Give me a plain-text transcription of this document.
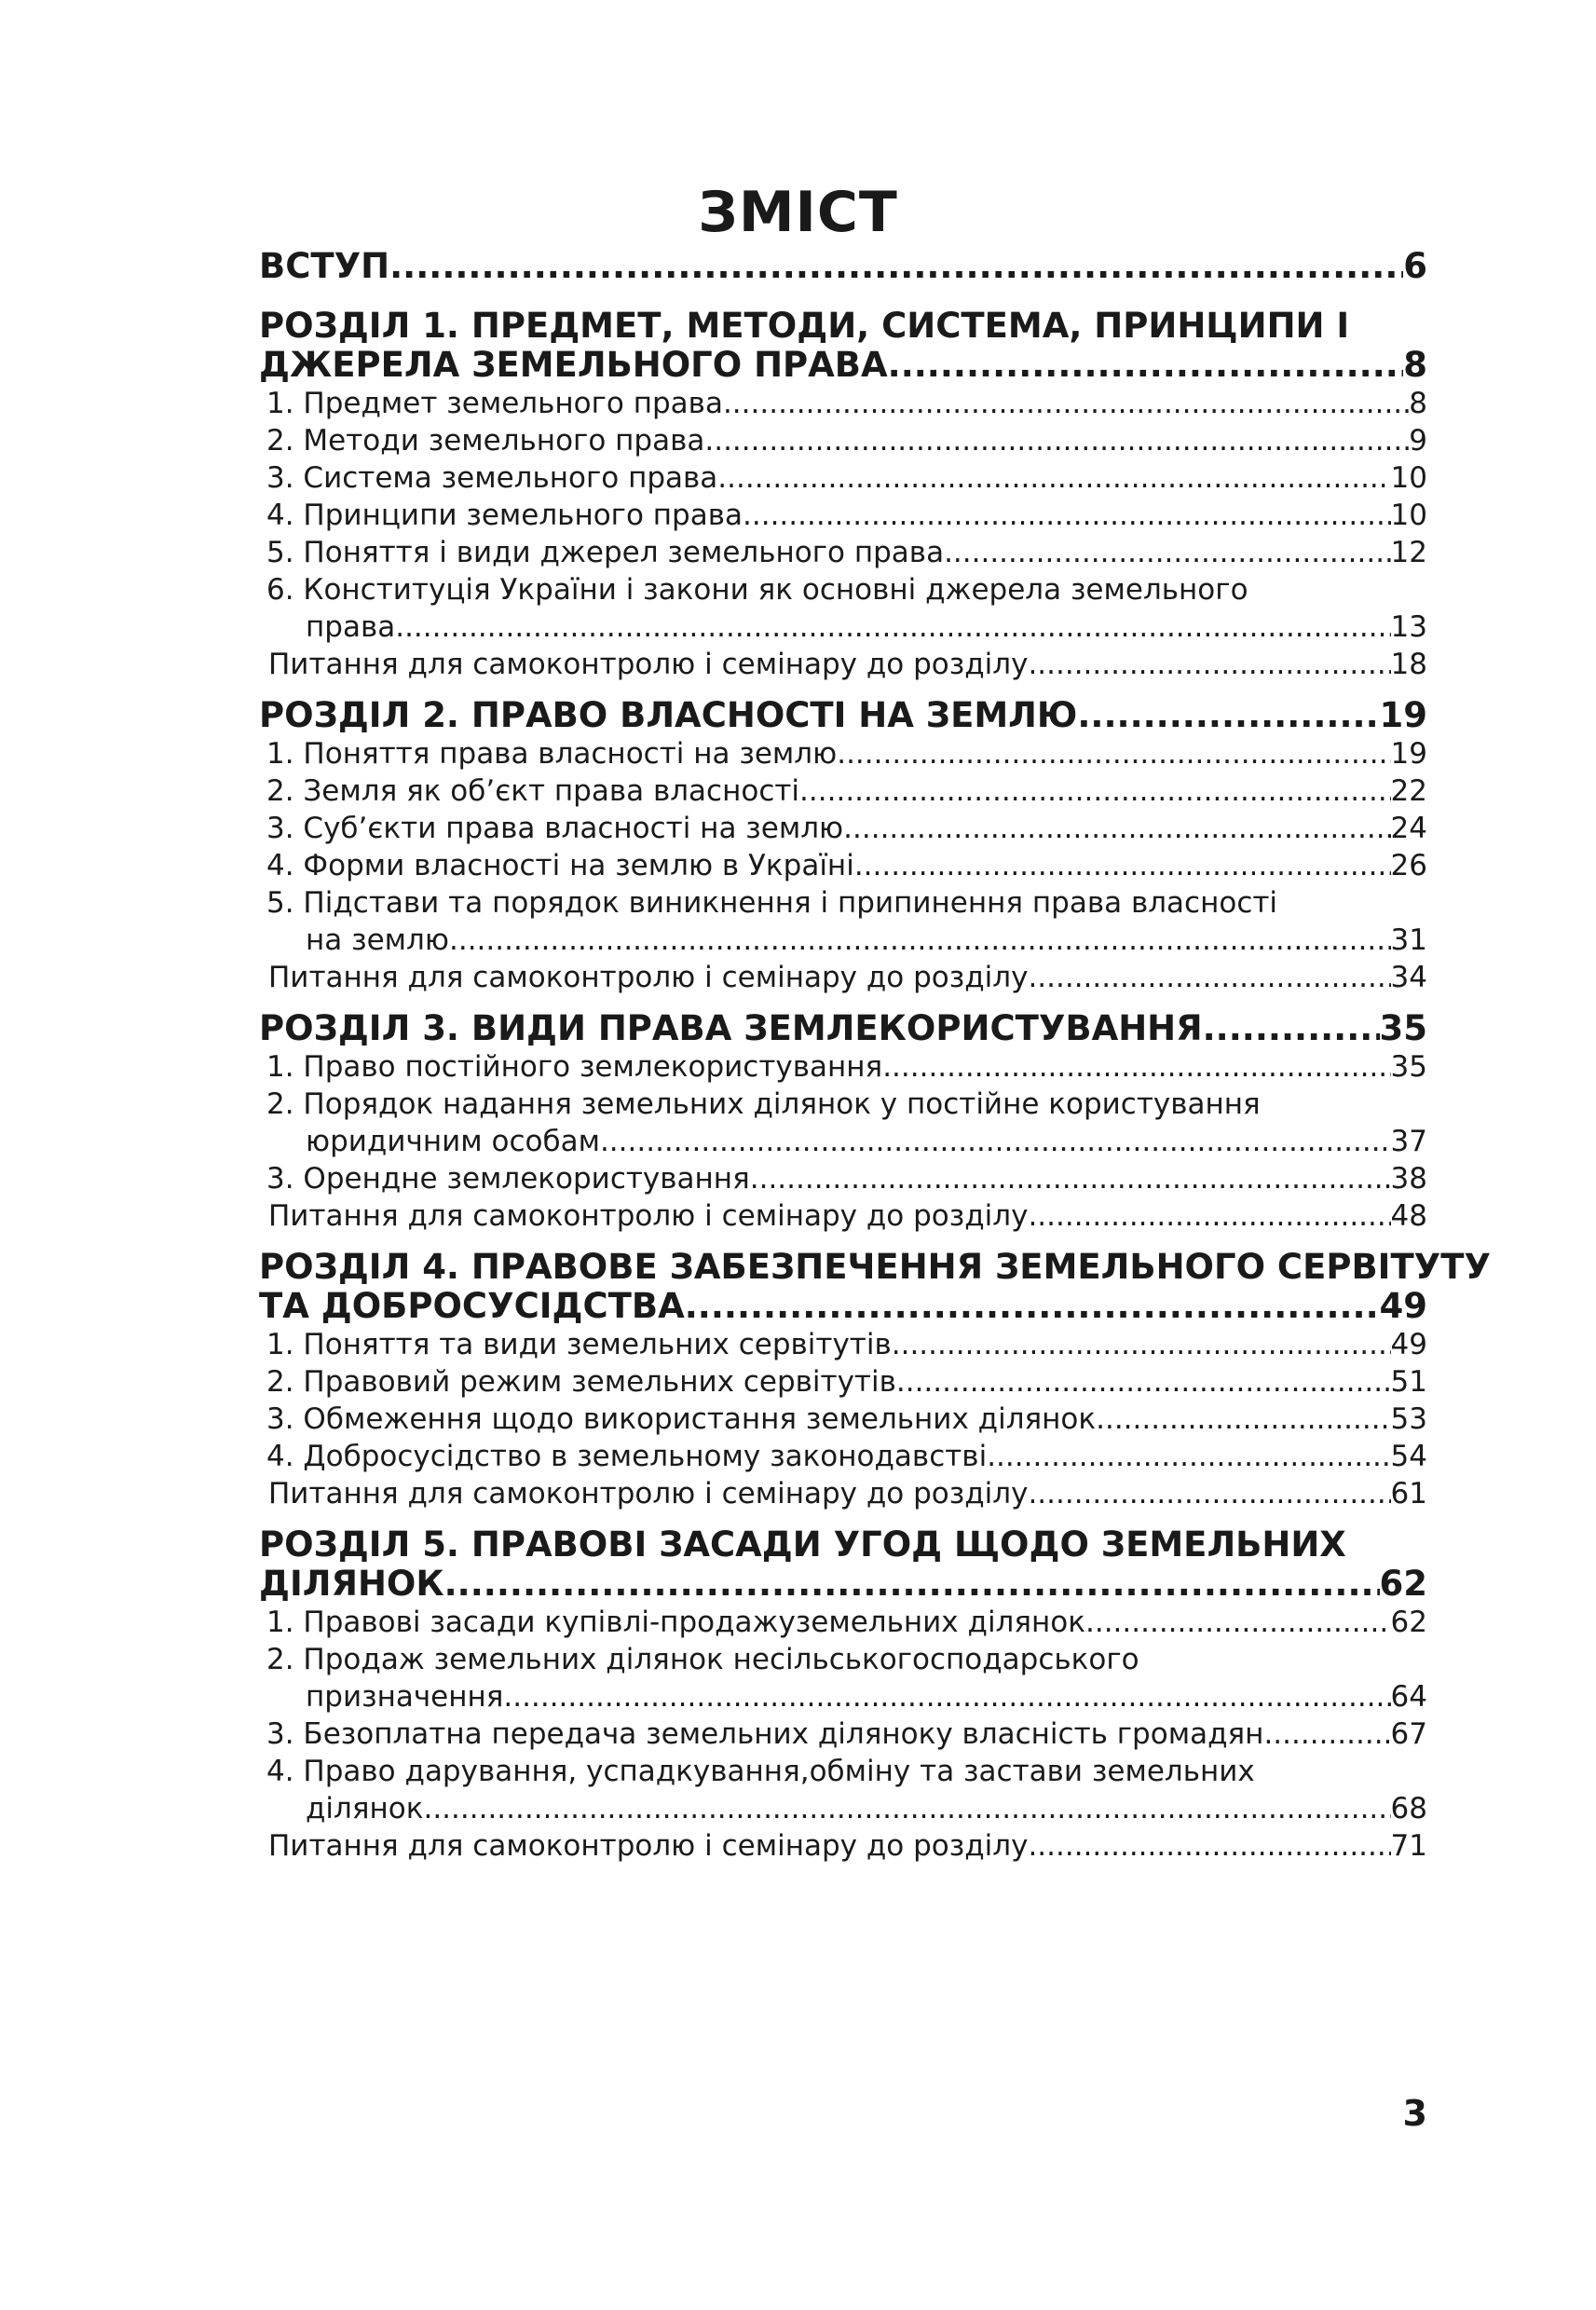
ЗМІСТ
ВСТУП .....	6
РОЗДІЛ 1. ПРЕДМЕТ, МЕТОДИ, СИСТЕМА, ПРИНЦИПИ І
ДЖЕРЕЛА ЗЕМЕЛЬНОГО ПРАВА .....	8
1. Предмет земельного права .....	8
2. Методи земельного права .....	9
3. Система земельного права .....	10
4. Принципи земельного права .....	10
5. Поняття і види джерел земельного права .....	12
6. Конституція України і закони як основні джерела земельного
права .....	13
Питання для самоконтролю і семінару до розділу .....	18
РОЗДІЛ 2. ПРАВО ВЛАСНОСТІ НА ЗЕМЛЮ .....	19
1. Поняття права власності на землю .....	19
2. Земля як об’єкт права власності .....	22
3. Суб’єкти права власності на землю .....	24
4. Форми власності на землю в Україні .....	26
5. Підстави та порядок виникнення і припинення права власності
на землю .....	31
Питання для самоконтролю і семінару до розділу .....	34
РОЗДІЛ 3. ВИДИ ПРАВА ЗЕМЛЕКОРИСТУВАННЯ .....	35
1. Право постійного землекористування .....	35
2. Порядок надання земельних ділянок у постійне користування
юридичним особам .....	37
3. Орендне землекористування .....	38
Питання для самоконтролю і семінару до розділу .....	48
РОЗДІЛ 4. ПРАВОВЕ ЗАБЕЗПЕЧЕННЯ ЗЕМЕЛЬНОГО СЕРВІТУТУ
ТА ДОБРОСУСІДСТВА .....	49
1. Поняття та види земельних сервітутів .....	49
2. Правовий режим земельних сервітутів .....	51
3. Обмеження щодо використання земельних ділянок .....	53
4. Добросусідство в земельному законодавстві .....	54
Питання для самоконтролю і семінару до розділу .....	61
РОЗДІЛ 5. ПРАВОВІ ЗАСАДИ УГОД ЩОДО ЗЕМЕЛЬНИХ
ДІЛЯНОК .....	62
1. Правові засади купівлі-продажуземельних ділянок .....	62
2. Продаж земельних ділянок несільськогосподарського
призначення .....	64
3. Безоплатна передача земельних діляноку власність громадян .....	67
4. Право дарування, успадкування,обміну та застави земельних
ділянок .....	68
Питання для самоконтролю і семінару до розділу .....	71
3
